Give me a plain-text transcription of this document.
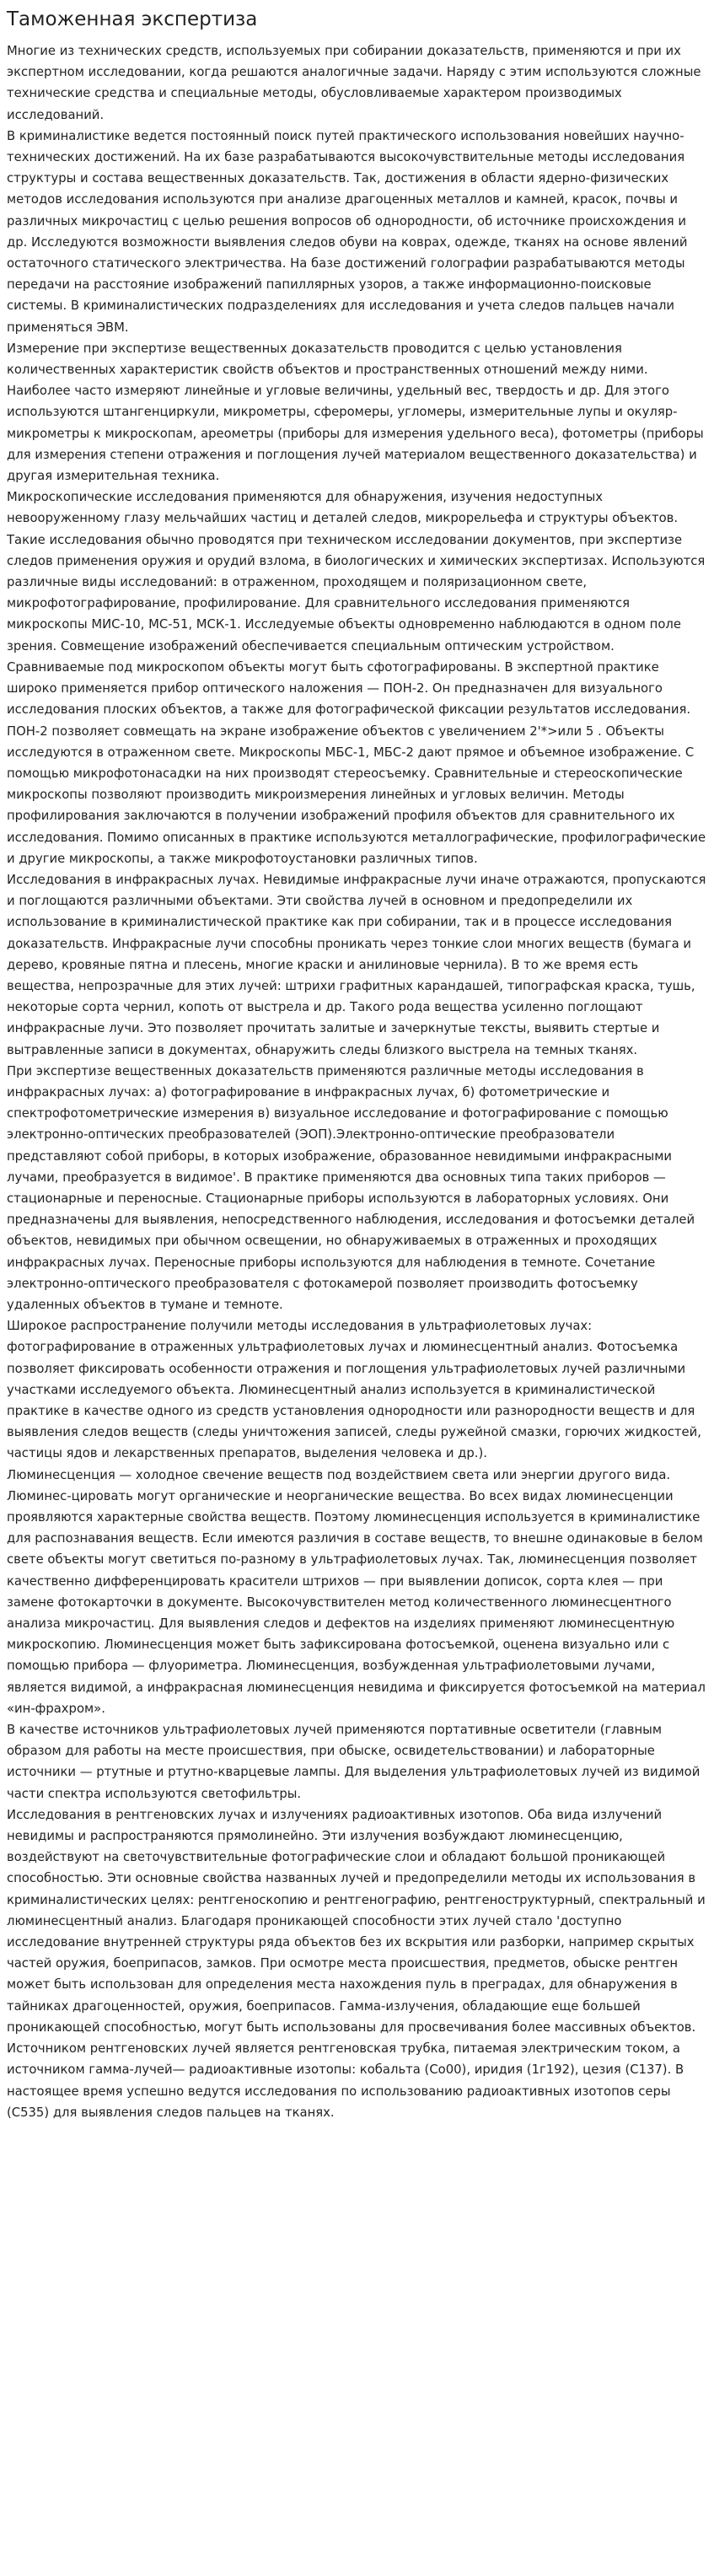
Таможенная экспертиза

Многие из технических средств, используемых при собирании доказательств, применяются и при их экспертном исследовании, когда решаются аналогичные задачи. Наряду с этим используются сложные технические средства и специальные методы, обусловливаемые характером производимых исследований.

В криминалистике ведется постоянный поиск путей практического использования новейших научно-технических достижений. На их базе разрабатываются высокочувствительные методы исследования структуры и состава вещественных доказательств. Так, достижения в области ядерно-физических методов исследования используются при анализе драгоценных металлов и камней, красок, почвы и различных микрочастиц с целью решения вопросов об однородности, об источнике происхождения и др. Исследуются возможности выявления следов обуви на коврах, одежде, тканях на основе явлений остаточного статического электричества. На базе достижений голографии разрабатываются методы передачи на расстояние изображений папиллярных узоров, а также информационно-поисковые системы. В криминалистических подразделениях для исследования и учета следов пальцев начали применяться ЭВМ.

Измерение при экспертизе вещественных доказательств проводится с целью установления количественных характеристик свойств объектов и пространственных отношений между ними. Наиболее часто измеряют линейные и угловые величины, удельный вес, твердость и др. Для этого используются штангенциркули, микрометры, сферомеры, угломеры, измерительные лупы и окуляр-микрометры к микроскопам, ареометры (приборы для измерения удельного веса), фотометры (приборы для измерения степени отражения и поглощения лучей материалом вещественного доказательства) и другая измерительная техника.

Микроскопические исследования применяются для обнаружения, изучения недоступных невооруженному глазу мельчайших частиц и деталей следов, микрорельефа и структуры объектов. Такие исследования обычно проводятся при техническом исследовании документов, при экспертизе следов применения оружия и орудий взлома, в биологических и химических экспертизах. Используются различные виды исследований: в отраженном, проходящем и поляризационном свете, микрофотографирование, профилирование. Для сравнительного исследования применяются микроскопы МИС-10, МС-51, МСК-1. Исследуемые объекты одновременно наблюдаются в одном поле зрения. Совмещение изображений обеспечивается специальным оптическим устройством. Сравниваемые под микроскопом объекты могут быть сфотографированы. В экспертной практике широко применяется прибор оптического наложения — ПОН-2. Он предназначен для визуального исследования плоских объектов, а также для фотографической фиксации результатов исследования. ПОН-2 позволяет совмещать на экране изображение объектов с увеличением 2'*>или 5 . Объекты исследуются в отраженном свете. Микроскопы МБС-1, МБС-2 дают прямое и объемное изображение. С помощью микрофотонасадки на них производят стереосъемку. Сравнительные и стереоскопические микроскопы позволяют производить микроизмерения линейных и угловых величин. Методы профилирования заключаются в получении изображений профиля объектов для сравнительного их исследования. Помимо описанных в практике используются металлографические, профилографические и другие микроскопы, а также микрофотоустановки различных типов.

Исследования в инфракрасных лучах. Невидимые инфракрасные лучи иначе отражаются, пропускаются и поглощаются различными объектами. Эти свойства лучей в основном и предопределили их использование в криминалистической практике как при собирании, так и в процессе исследования доказательств. Инфракрасные лучи способны проникать через тонкие слои многих веществ (бумага и дерево, кровяные пятна и плесень, многие краски и анилиновые чернила). В то же время есть вещества, непрозрачные для этих лучей: штрихи графитных карандашей, типографская краска, тушь, некоторые сорта чернил, копоть от выстрела и др. Такого рода вещества усиленно поглощают инфракрасные лучи. Это позволяет прочитать залитые и зачеркнутые тексты, выявить стертые и вытравленные записи в документах, обнаружить следы близкого выстрела на темных тканях.

При экспертизе вещественных доказательств применяются различные методы исследования в инфракрасных лучах: а) фотографирование в инфракрасных лучах, б) фотометрические и спектрофотометрические измерения в) визуальное исследование и фотографирование с помощью электронно-оптических преобразователей (ЭОП).Электронно-оптические преобразователи представляют собой приборы, в которых изображение, образованное невидимыми инфракрасными лучами, преобразуется в видимое'. В практике применяются два основных типа таких приборов — стационарные и переносные. Стационарные приборы используются в лабораторных условиях. Они предназначены для выявления, непосредственного наблюдения, исследования и фотосъемки деталей объектов, невидимых при обычном освещении, но обнаруживаемых в отраженных и проходящих инфракрасных лучах. Переносные приборы используются для наблюдения в темноте. Сочетание электронно-оптического преобразователя с фотокамерой позволяет производить фотосъемку удаленных объектов в тумане и темноте.

Широкое распространение получили методы исследования в ультрафиолетовых лучах: фотографирование в отраженных ультрафиолетовых лучах и люминесцентный анализ. Фотосъемка позволяет фиксировать особенности отражения и поглощения ультрафиолетовых лучей различными участками исследуемого объекта. Люминесцентный анализ используется в криминалистической практике в качестве одного из средств установления однородности или разнородности веществ и для выявления следов веществ (следы уничтожения записей, следы ружейной смазки, горючих жидкостей, частицы ядов и лекарственных препаратов, выделения человека и др.).

Люминесценция — холодное свечение веществ под воздействием света или энергии другого вида. Люминес-цировать могут органические и неорганические вещества. Во всех видах люминесценции проявляются характерные свойства веществ. Поэтому люминесценция используется в криминалистике для распознавания веществ. Если имеются различия в составе веществ, то внешне одинаковые в белом свете объекты могут светиться по-разному в ультрафиолетовых лучах. Так, люминесценция позволяет качественно дифференцировать красители штрихов — при выявлении дописок, сорта клея — при замене фотокарточки в документе. Высокочувствителен метод количественного люминесцентного анализа микрочастиц. Для выявления следов и дефектов на изделиях применяют люминесцентную микроскопию. Люминесценция может быть зафиксирована фотосъемкой, оценена визуально или с помощью прибора — флуориметра. Люминесценция, возбужденная ультрафиолетовыми лучами, является видимой, а инфракрасная люминесценция невидима и фиксируется фотосъемкой на материал «ин-фрахром».

В качестве источников ультрафиолетовых лучей применяются портативные осветители (главным образом для работы на месте происшествия, при обыске, освидетельствовании) и лабораторные источники — ртутные и ртутно-кварцевые лампы. Для выделения ультрафиолетовых лучей из видимой части спектра используются светофильтры.

Исследования в рентгеновских лучах и излучениях радиоактивных изотопов. Оба вида излучений невидимы и распространяются прямолинейно. Эти излучения возбуждают люминесценцию, воздействуют на светочувствительные фотографические слои и обладают большой проникающей способностью. Эти основные свойства названных лучей и предопределили методы их использования в криминалистических целях: рентгеноскопию и рентгенографию, рентгеноструктурный, спектральный и люминесцентный анализ. Благодаря проникающей способности этих лучей стало 'доступно исследование внутренней структуры ряда объектов без их вскрытия или разборки, например скрытых частей оружия, боеприпасов, замков. При осмотре места происшествия, предметов, обыске рентген может быть использован для определения места нахождения пуль в преградах, для обнаружения в тайниках драгоценностей, оружия, боеприпасов. Гамма-излучения, обладающие еще большей проникающей способностью, могут быть использованы для просвечивания более массивных объектов. Источником рентгеновских лучей является рентгеновская трубка, питаемая электрическим током, а источником гамма-лучей— радиоактивные изотопы: кобальта (Со00), иридия (1г192), цезия (С137). В настоящее время успешно ведутся исследования по использованию радиоактивных изотопов серы (С535) для выявления следов пальцев на тканях.
